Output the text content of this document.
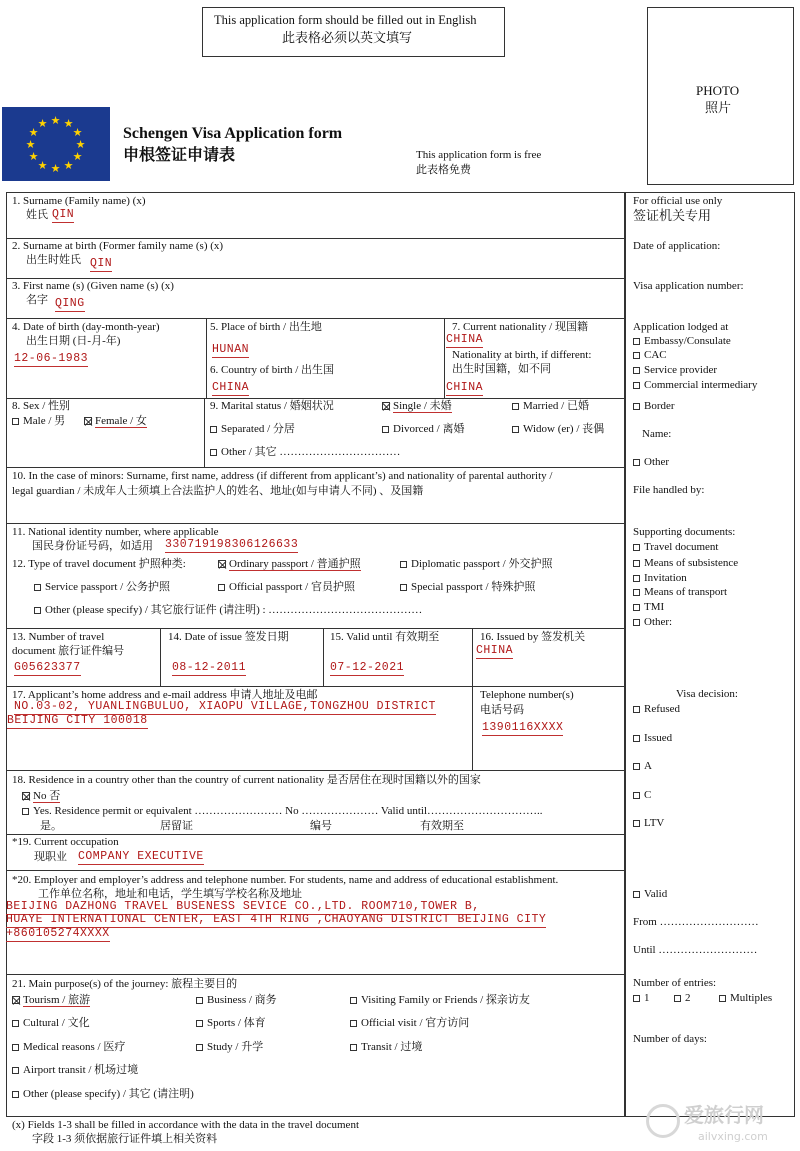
This application form should be filled out in English
此表格必须以英文填写
PHOTO
照片
★ ★
★
★
★
★
★
★
★
★
★
★
Schengen Visa Application form
申根签证申请表	This application form is free
此表格免费
1. Surname (Family name) (x)
姓氏 QIN
2. Surname at birth (Former family name (s) (x)
出生时姓氏 QIN
3. First name (s) (Given name (s) (x)
名字 QING
4. Date of birth (day-month-year)
出生日期 (日-月-年)
12-06-1983
5. Place of birth / 出生地
HUNAN
6. Country of birth / 出生国
CHINA
7. Current nationality / 现国籍
CHINA
Nationality at birth, if different:
出生时国籍，如不同
CHINA
8. Sex / 性别
Male / 男	Female / 女
9. Marital status / 婚姻状况	Single / 未婚	Married / 已婚
Separated / 分居	Divorced / 离婚	Widow (er) / 丧偶
Other / 其它 ……………………………
10. In the case of minors: Surname, first name, address (if different from applicant’s) and nationality of parental authority /
legal guardian / 未成年人士须填上合法监护人的姓名、地址(如与申请人不同) 、及国籍
11. National identity number, where applicable
国民身份证号码，如适用 330719198306126633
12. Type of travel document 护照种类:	Ordinary passport / 普通护照	Diplomatic passport / 外交护照
Service passport / 公务护照	Official passport / 官员护照	Special passport / 特殊护照
Other (please specify) / 其它旅行证件 (请注明) : ……………………………………
13. Number of travel
document 旅行证件编号
G05623377
14. Date of issue 签发日期
08-12-2011
15. Valid until 有效期至
07-12-2021
16. Issued by 签发机关
CHINA
17. Applicant’s home address and e-mail address 申请人地址及电邮
NO.03-02, YUANLINGBULUO, XIAOPU VILLAGE,TONGZHOU DISTRICT
BEIJING CITY 100018
Telephone number(s)
电话号码
1390116XXXX
18. Residence in a country other than the country of current nationality 是否居住在现时国籍以外的国家
No 否
Yes. Residence permit or equivalent …………………… No ………………… Valid until…………………………..
是。	居留证	编号	有效期至
*19. Current occupation
现职业 COMPANY EXECUTIVE
*20. Employer and employer’s address and telephone number. For students, name and address of educational establishment.
工作单位名称，地址和电话，学生填写学校名称及地址
BEIJING DAZHONG TRAVEL BUSENESS SEVICE CO.,LTD. ROOM710,TOWER B,
HUAYE INTERNATIONAL CENTER, EAST 4TH RING ,CHAOYANG DISTRICT BEIJING CITY
+860105274XXXX
21. Main purpose(s) of the journey: 旅程主要目的
Tourism / 旅游	Business / 商务	Visiting Family or Friends / 探亲访友
Cultural / 文化	Sports / 体育	Official visit / 官方访问
Medical reasons / 医疗	Study / 升学	Transit / 过境
Airport transit / 机场过境
Other (please specify) / 其它 (请注明)
(x) Fields 1-3 shall be filled in accordance with the data in the travel document
字段 1-3 须依据旅行证件填上相关资料
For official use only
签证机关专用
Date of application:
Visa application number:
Application lodged at
Embassy/Consulate
CAC
Service provider
Commercial intermediary
Border
Name:
Other
File handled by:
Supporting documents:
Travel document
Means of subsistence
Invitation
Means of transport
TMI
Other:
Visa decision:
Refused
Issued
A
C
LTV
Valid
From ………………………
Until ………………………
Number of entries:
1	2	Multiples
Number of days:
爱旅行网
ailvxing.com
